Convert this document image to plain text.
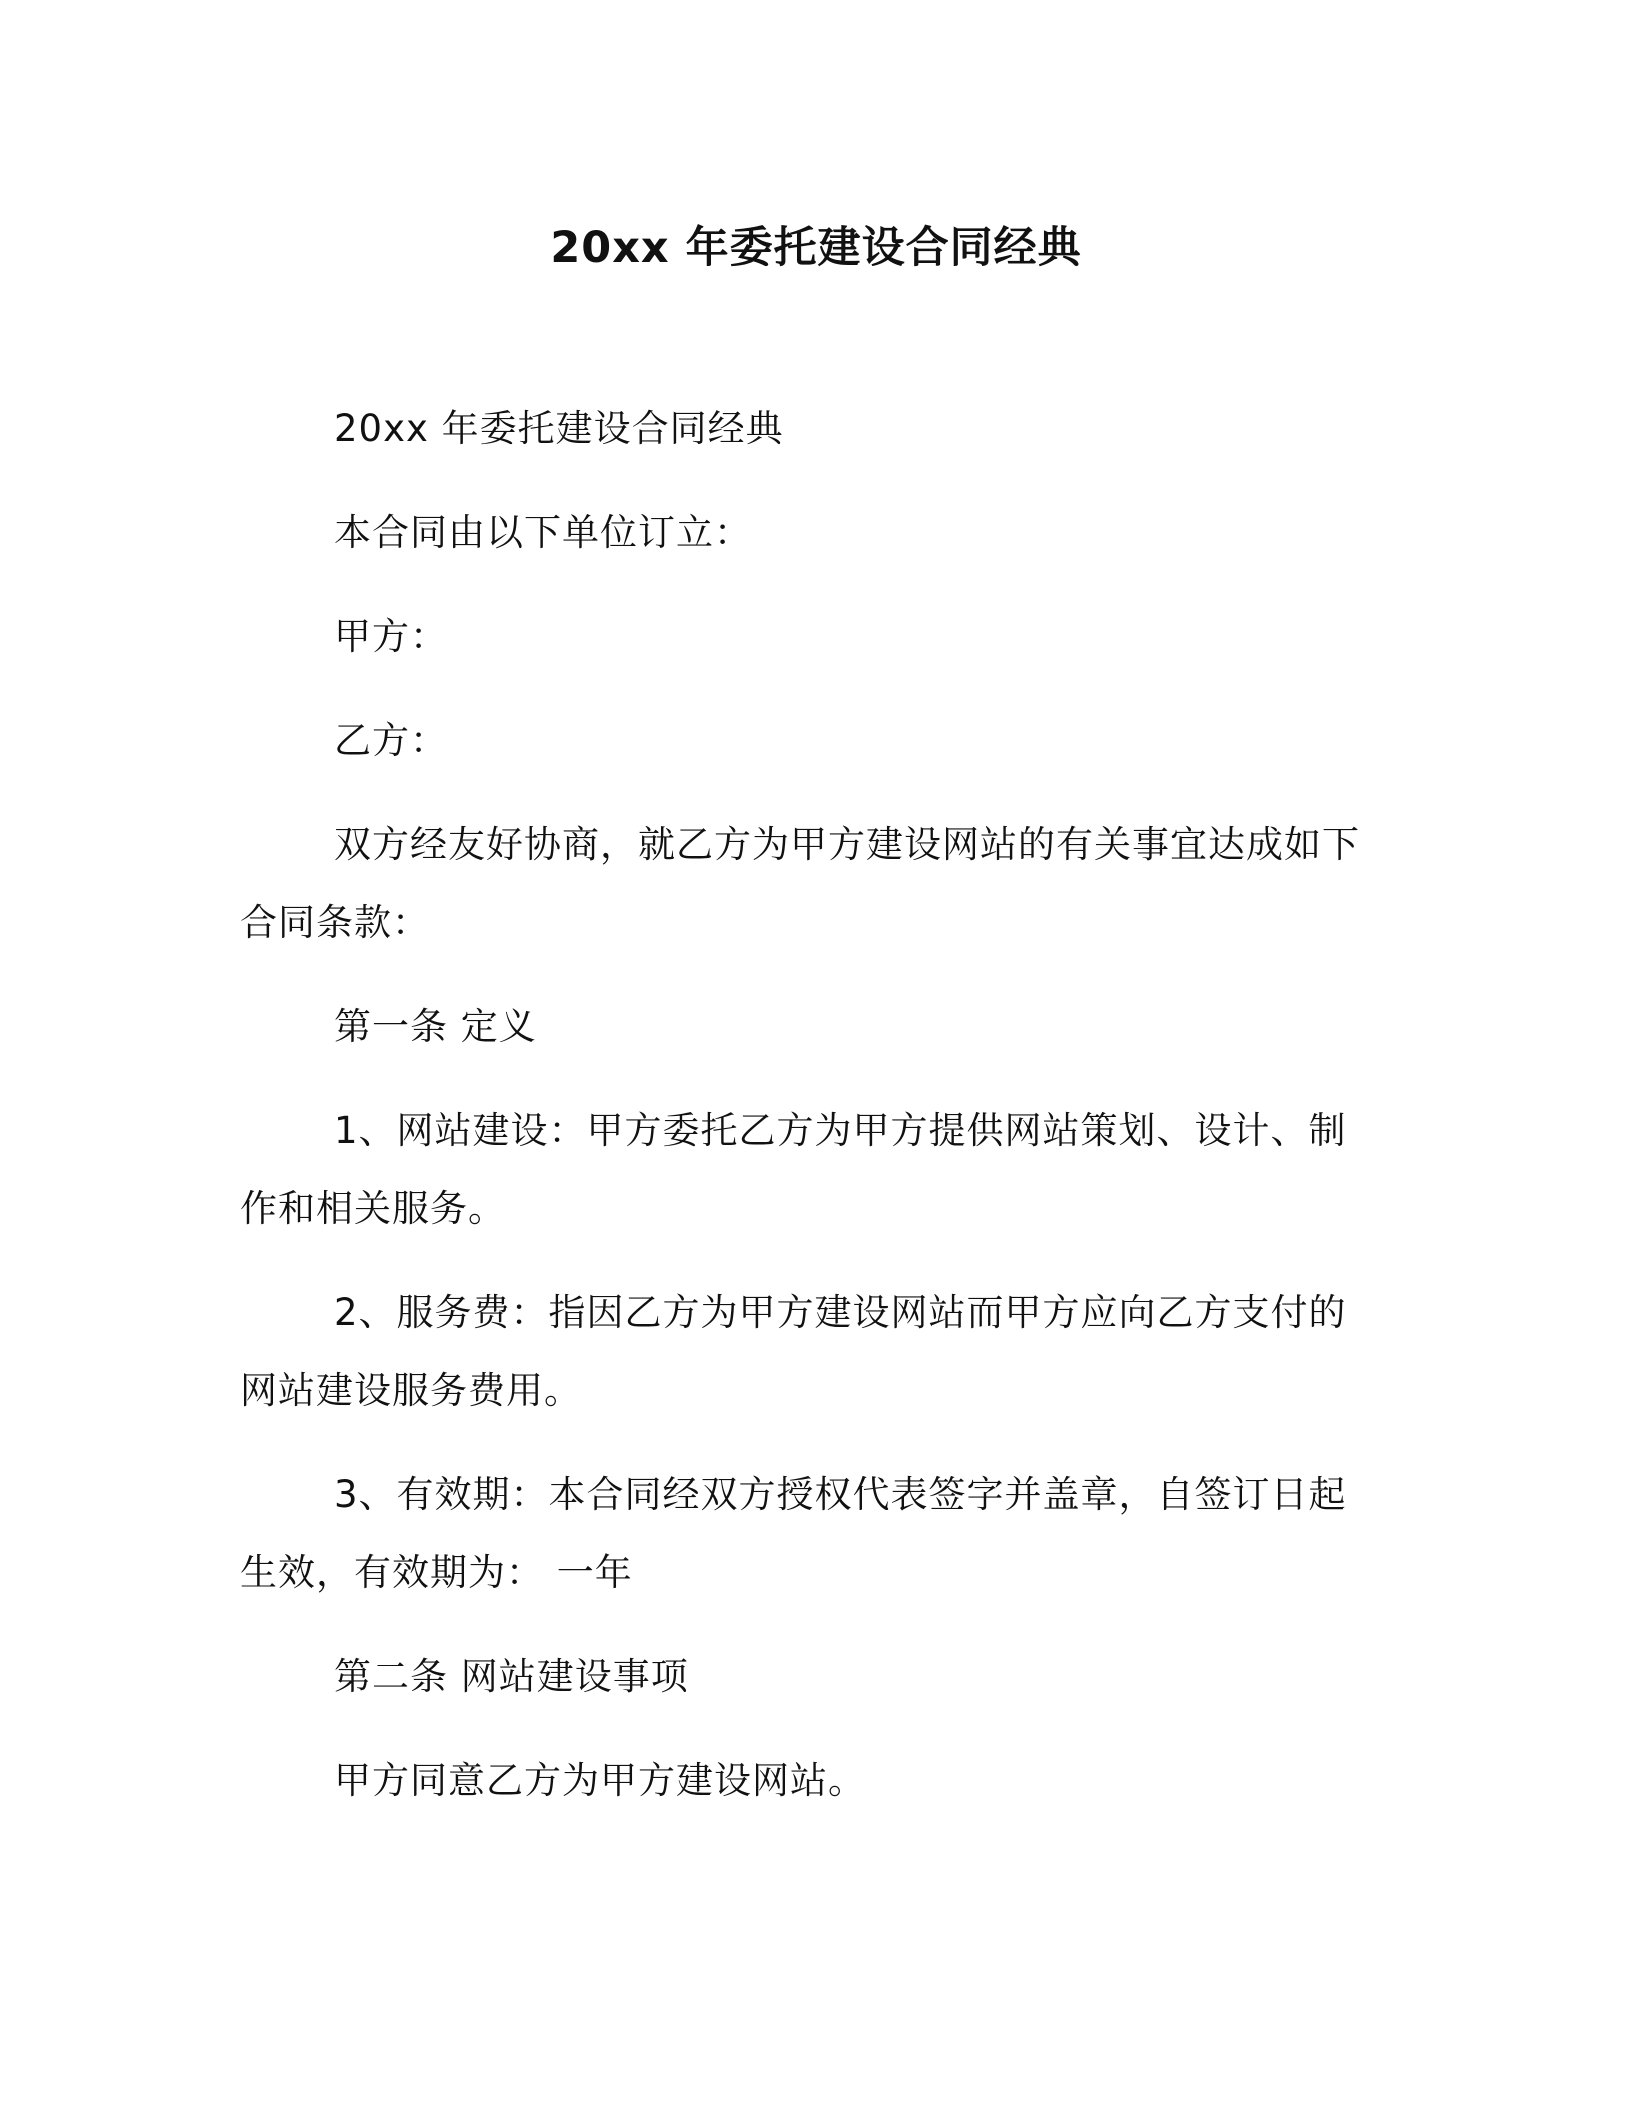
20xx 年委托建设合同经典

20xx 年委托建设合同经典

本合同由以下单位订立：

甲方：

乙方：

双方经友好协商，就乙方为甲方建设网站的有关事宜达成如下合同条款：

第一条 定义

1、网站建设：甲方委托乙方为甲方提供网站策划、设计、制作和相关服务。

2、服务费：指因乙方为甲方建设网站而甲方应向乙方支付的网站建设服务费用。

3、有效期：本合同经双方授权代表签字并盖章，自签订日起生效，有效期为： 一年

第二条 网站建设事项

甲方同意乙方为甲方建设网站。
